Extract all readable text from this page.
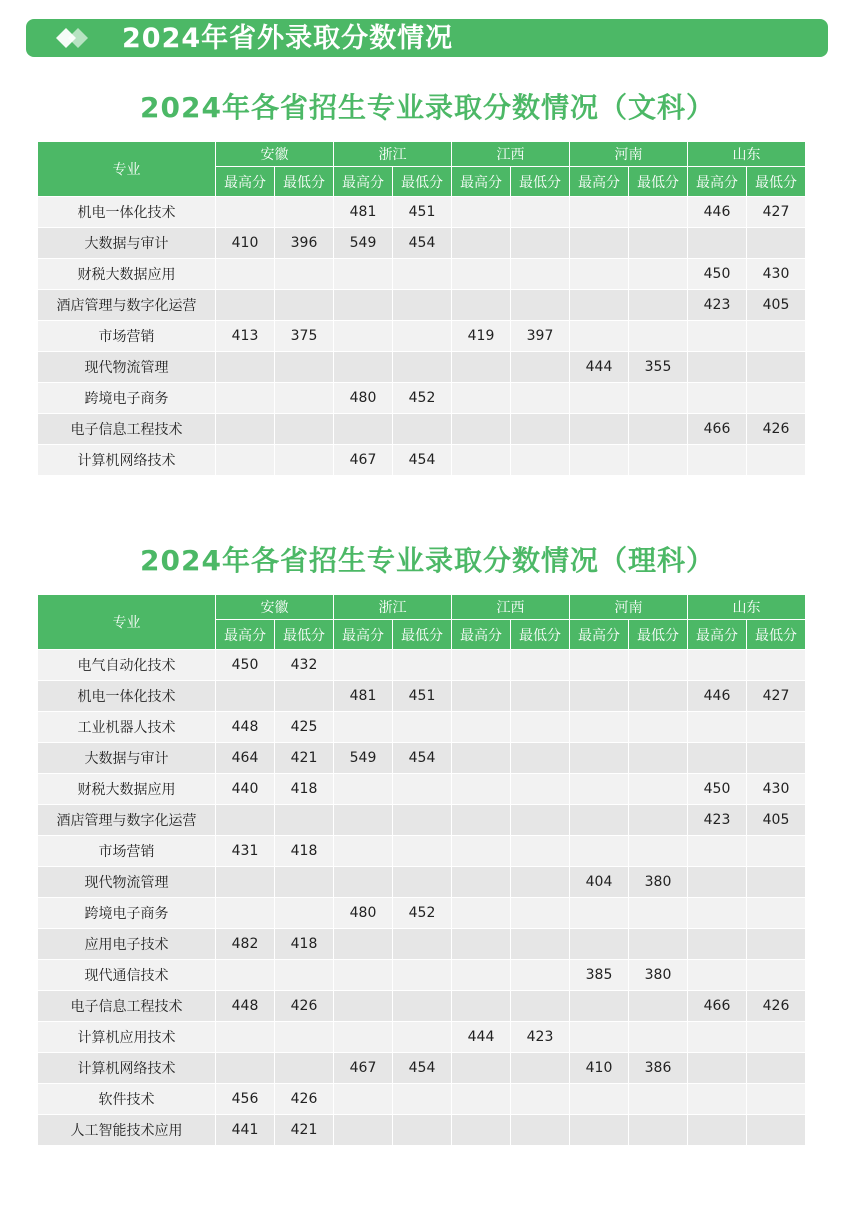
2024年省外录取分数情况
2024年各省招生专业录取分数情况（文科）
专业	安徽		浙江		江西		河南		山东	
	最高分	最低分	最高分	最低分	最高分	最低分	最高分	最低分	最高分	最低分
机电一体化技术			481	451					446	427
大数据与审计	410	396	549	454						
财税大数据应用									450	430
酒店管理与数字化运营									423	405
市场营销	413	375			419	397				
现代物流管理							444	355		
跨境电子商务			480	452						
电子信息工程技术									466	426
计算机网络技术			467	454						
2024年各省招生专业录取分数情况（理科）
专业	安徽		浙江		江西		河南		山东	
	最高分	最低分	最高分	最低分	最高分	最低分	最高分	最低分	最高分	最低分
电气自动化技术	450	432								
机电一体化技术			481	451					446	427
工业机器人技术	448	425								
大数据与审计	464	421	549	454						
财税大数据应用	440	418							450	430
酒店管理与数字化运营									423	405
市场营销	431	418								
现代物流管理							404	380		
跨境电子商务			480	452						
应用电子技术	482	418								
现代通信技术							385	380		
电子信息工程技术	448	426							466	426
计算机应用技术					444	423				
计算机网络技术			467	454			410	386		
软件技术	456	426								
人工智能技术应用	441	421								
